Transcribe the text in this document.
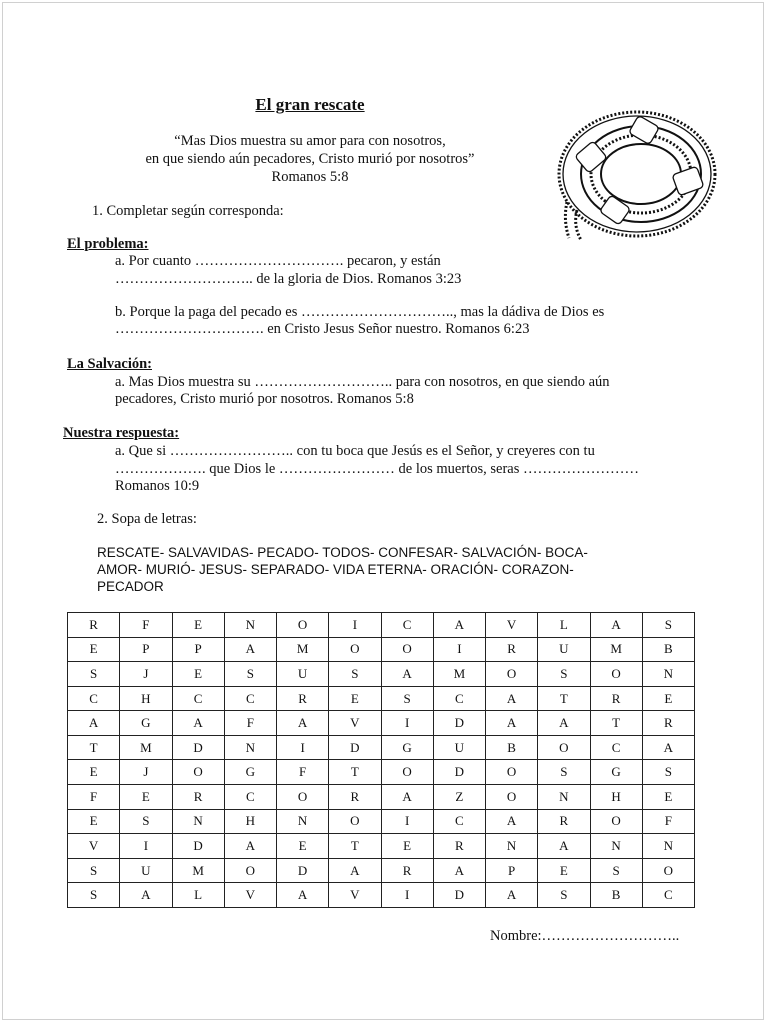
El gran rescate
“Mas Dios muestra su amor para con nosotros,
en que siendo aún pecadores, Cristo murió por nosotros”
Romanos 5:8
1. Completar según corresponda:
El problema:
a. Por cuanto …………………………. pecaron, y están
……………………….. de la gloria de Dios. Romanos 3:23
b. Porque la paga del pecado es ………………………….., mas la dádiva de Dios es
…………………………. en Cristo Jesus Señor nuestro. Romanos 6:23
La Salvación:
a. Mas Dios muestra su ……………………….. para con nosotros, en que siendo aún
pecadores, Cristo murió por nosotros. Romanos 5:8
Nuestra respuesta:
a. Que si …………………….. con tu boca que Jesús es el Señor, y creyeres con tu
………………. que Dios le …………………… de los muertos, seras ……………………
Romanos 10:9
2. Sopa de letras:
RESCATE- SALVAVIDAS- PECADO- TODOS- CONFESAR- SALVACIÓN- BOCA-
AMOR- MURIÓ- JESUS- SEPARADO- VIDA ETERNA- ORACIÓN- CORAZON-
PECADOR
R	F	E	N	O	I	C	A	V	L	A	S
E	P	P	A	M	O	O	I	R	U	M	B
S	J	E	S	U	S	A	M	O	S	O	N
C	H	C	C	R	E	S	C	A	T	R	E
A	G	A	F	A	V	I	D	A	A	T	R
T	M	D	N	I	D	G	U	B	O	C	A
E	J	O	G	F	T	O	D	O	S	G	S
F	E	R	C	O	R	A	Z	O	N	H	E
E	S	N	H	N	O	I	C	A	R	O	F
V	I	D	A	E	T	E	R	N	A	N	N
S	U	M	O	D	A	R	A	P	E	S	O
S	A	L	V	A	V	I	D	A	S	B	C
Nombre:………………………..
